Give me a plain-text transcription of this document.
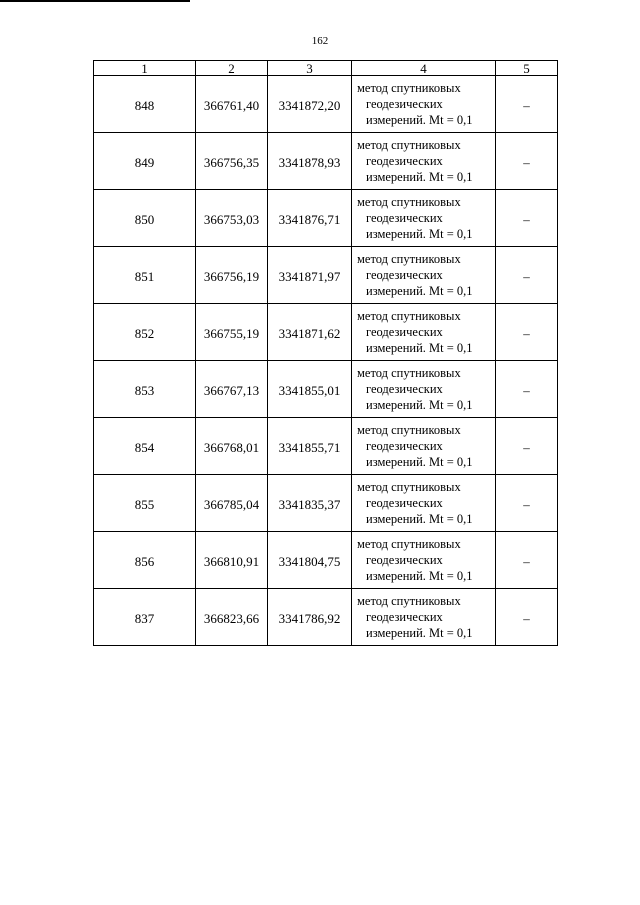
162
1	2	3	4	5
848	366761,40	3341872,20	метод спутниковых
геодезических
измерений. Mt = 0,1	–
849	366756,35	3341878,93	метод спутниковых
геодезических
измерений. Mt = 0,1	–
850	366753,03	3341876,71	метод спутниковых
геодезических
измерений. Mt = 0,1	–
851	366756,19	3341871,97	метод спутниковых
геодезических
измерений. Mt = 0,1	–
852	366755,19	3341871,62	метод спутниковых
геодезических
измерений. Mt = 0,1	–
853	366767,13	3341855,01	метод спутниковых
геодезических
измерений. Mt = 0,1	–
854	366768,01	3341855,71	метод спутниковых
геодезических
измерений. Mt = 0,1	–
855	366785,04	3341835,37	метод спутниковых
геодезических
измерений. Mt = 0,1	–
856	366810,91	3341804,75	метод спутниковых
геодезических
измерений. Mt = 0,1	–
837	366823,66	3341786,92	метод спутниковых
геодезических
измерений. Mt = 0,1	–
